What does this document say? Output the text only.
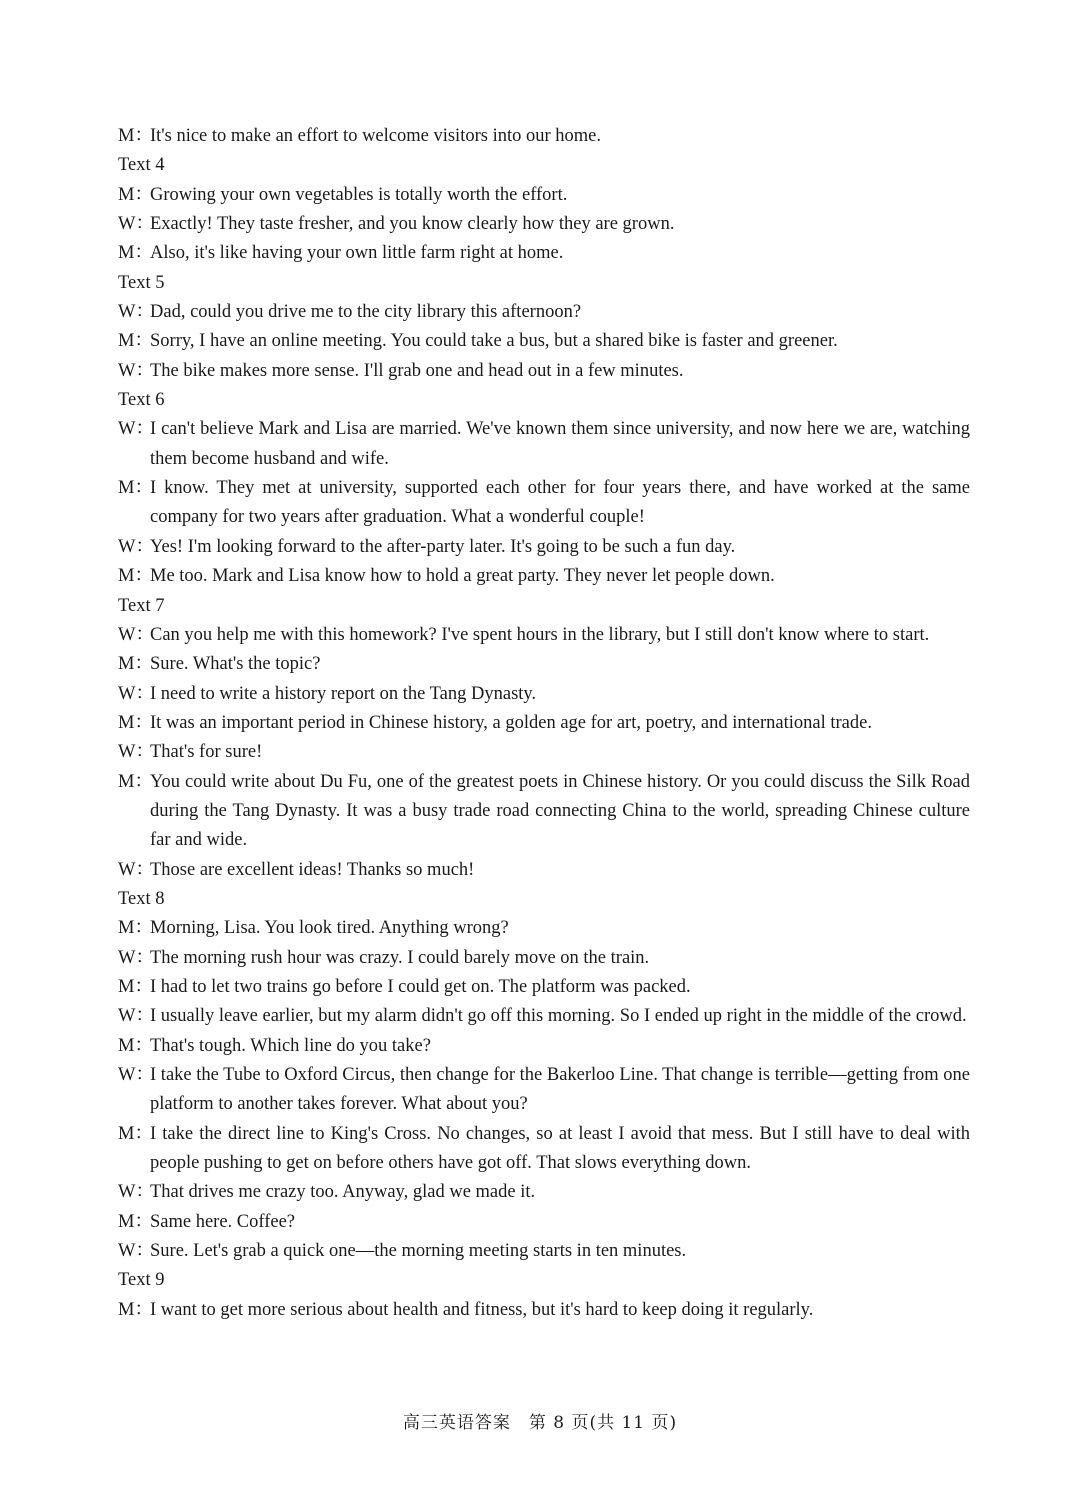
M：It's nice to make an effort to welcome visitors into our home.

Text 4

M：Growing your own vegetables is totally worth the effort.

W：Exactly! They taste fresher, and you know clearly how they are grown.

M：Also, it's like having your own little farm right at home.

Text 5

W：Dad, could you drive me to the city library this afternoon?

M：Sorry, I have an online meeting. You could take a bus, but a shared bike is faster and greener.

W：The bike makes more sense. I'll grab one and head out in a few minutes.

Text 6

W：I can't believe Mark and Lisa are married. We've known them since university, and now here we are, watching them become husband and wife.

M：I know. They met at university, supported each other for four years there, and have worked at the same company for two years after graduation. What a wonderful couple!

W：Yes! I'm looking forward to the after-party later. It's going to be such a fun day.

M：Me too. Mark and Lisa know how to hold a great party. They never let people down.

Text 7

W：Can you help me with this homework? I've spent hours in the library, but I still don't know where to start.

M：Sure. What's the topic?

W：I need to write a history report on the Tang Dynasty.

M：It was an important period in Chinese history, a golden age for art, poetry, and international trade.

W：That's for sure!

M：You could write about Du Fu, one of the greatest poets in Chinese history. Or you could discuss the Silk Road during the Tang Dynasty. It was a busy trade road connecting China to the world, spreading Chinese culture far and wide.

W：Those are excellent ideas! Thanks so much!

Text 8

M：Morning, Lisa. You look tired. Anything wrong?

W：The morning rush hour was crazy. I could barely move on the train.

M：I had to let two trains go before I could get on. The platform was packed.

W：I usually leave earlier, but my alarm didn't go off this morning. So I ended up right in the middle of the crowd.

M：That's tough. Which line do you take?

W：I take the Tube to Oxford Circus, then change for the Bakerloo Line. That change is terrible—getting from one platform to another takes forever. What about you?

M：I take the direct line to King's Cross. No changes, so at least I avoid that mess. But I still have to deal with people pushing to get on before others have got off. That slows everything down.

W：That drives me crazy too. Anyway, glad we made it.

M：Same here. Coffee?

W：Sure. Let's grab a quick one—the morning meeting starts in ten minutes.

Text 9

M：I want to get more serious about health and fitness, but it's hard to keep doing it regularly.

高三英语答案　第 8 页(共 11 页)
